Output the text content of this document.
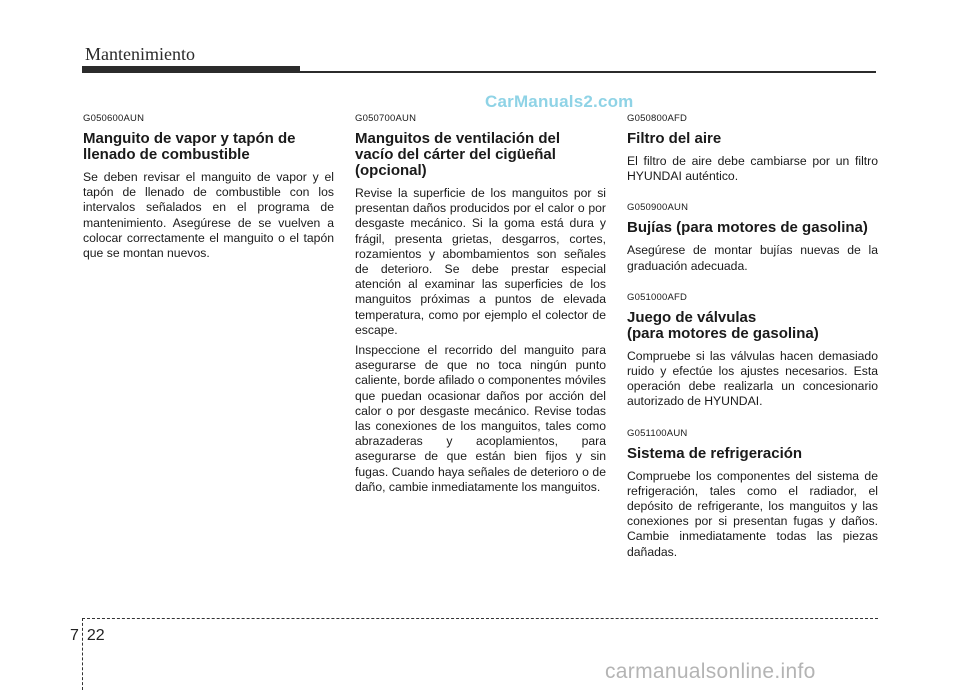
Mantenimiento
CarManuals2.com
G050600AUN
Manguito de vapor y tapón de
llenado de combustible

Se deben revisar el manguito de vapor y el tapón de llenado de combustible con los intervalos señalados en el programa de mantenimiento. Asegúrese de se vuelven a colocar correctamente el manguito o el tapón que se montan nuevos.

G050700AUN
Manguitos de ventilación del
vacío del cárter del cigüeñal
(opcional)

Revise la superficie de los manguitos por si presentan daños producidos por el calor o por desgaste mecánico. Si la goma está dura y frágil, presenta grietas, desgarros, cortes, rozamientos y abombamientos son señales de deterioro. Se debe prestar especial atención al examinar las superficies de los manguitos próximas a puntos de elevada temperatura, como por ejemplo el colector de escape.

Inspeccione el recorrido del manguito para asegurarse de que no toca ningún punto caliente, borde afilado o componentes móviles que puedan ocasionar daños por acción del calor o por desgaste mecánico. Revise todas las conexiones de los manguitos, tales como abrazaderas y acoplamientos, para asegurarse de que están bien fijos y sin fugas. Cuando haya señales de deterioro o de daño, cambie inmediatamente los manguitos.

G050800AFD
Filtro del aire

El filtro de aire debe cambiarse por un filtro HYUNDAI auténtico.

G050900AUN
Bujías (para motores de gasolina)

Asegúrese de montar bujías nuevas de la graduación adecuada.

G051000AFD
Juego de válvulas
(para motores de gasolina)

Compruebe si las válvulas hacen demasiado ruido y efectúe los ajustes necesarios. Esta operación debe realizarla un concesionario autorizado de HYUNDAI.

G051100AUN
Sistema de refrigeración

Compruebe los componentes del sistema de refrigeración, tales como el radiador, el depósito de refrigerante, los manguitos y las conexiones por si presentan fugas y daños. Cambie inmediatamente todas las piezas dañadas.

7 22
carmanualsonline.info
